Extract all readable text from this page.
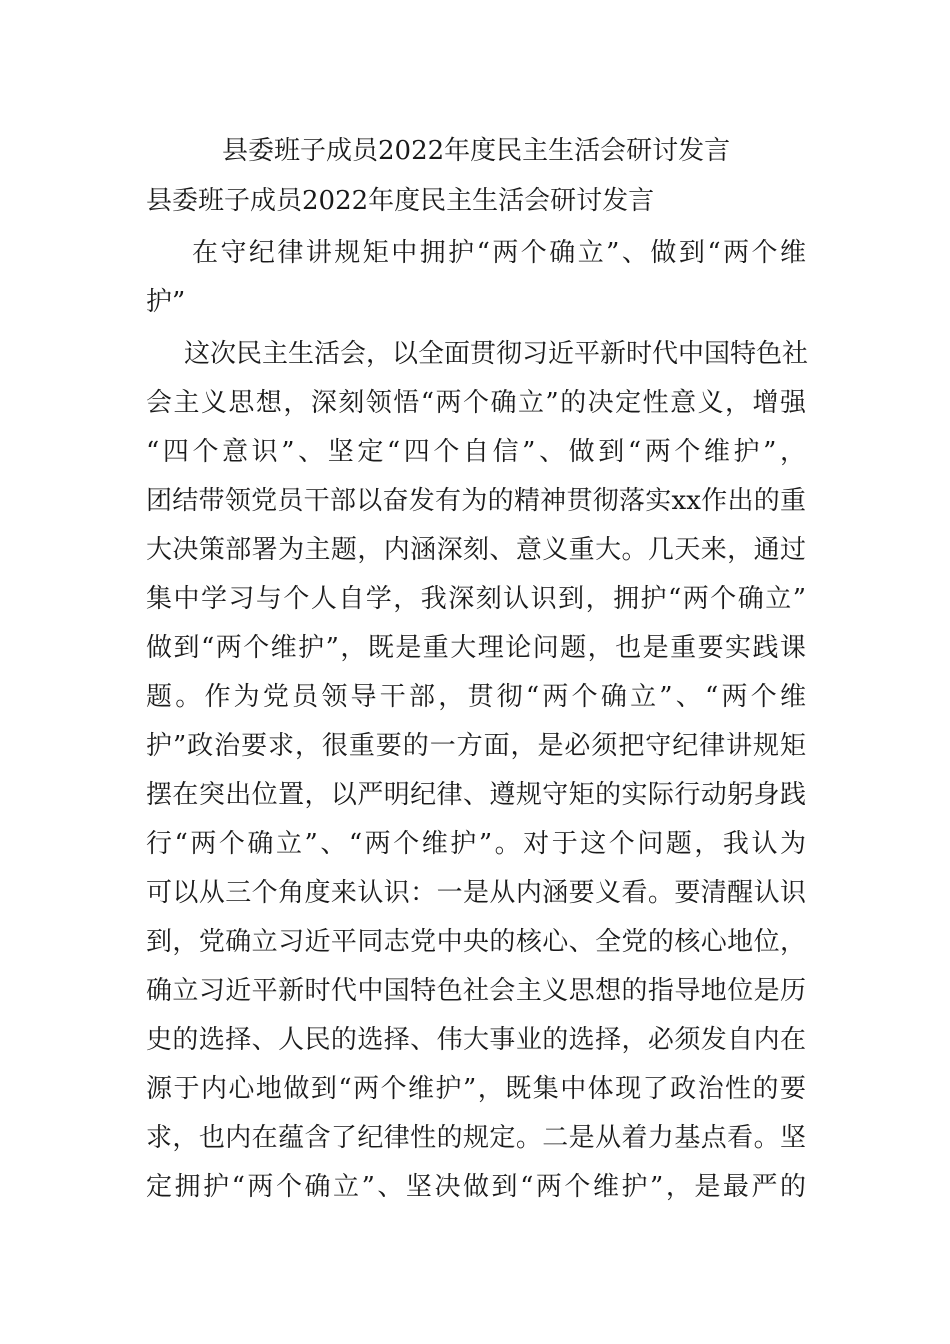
县委班子成员2022年度民主生活会研讨发言
县委班子成员2022年度民主生活会研讨发言

在守纪律讲规矩中拥护“两个确立”、做到“两个维

护”

这次民主生活会，以全面贯彻习近平新时代中国特色社

会主义思想，深刻领悟“两个确立”的决定性意义，增强

“四个意识”、坚定“四个自信”、做到“两个维护”，

团结带领党员干部以奋发有为的精神贯彻落实xx作出的重

大决策部署为主题，内涵深刻、意义重大。几天来，通过

集中学习与个人自学，我深刻认识到，拥护“两个确立”

做到“两个维护”，既是重大理论问题，也是重要实践课

题。作为党员领导干部，贯彻“两个确立”、“两个维

护”政治要求，很重要的一方面，是必须把守纪律讲规矩

摆在突出位置，以严明纪律、遵规守矩的实际行动躬身践

行“两个确立”、“两个维护”。对于这个问题，我认为

可以从三个角度来认识：一是从内涵要义看。要清醒认识

到，党确立习近平同志党中央的核心、全党的核心地位，

确立习近平新时代中国特色社会主义思想的指导地位是历

史的选择、人民的选择、伟大事业的选择，必须发自内在

源于内心地做到“两个维护”，既集中体现了政治性的要

求，也内在蕴含了纪律性的规定。二是从着力基点看。坚

定拥护“两个确立”、坚决做到“两个维护”，是最严的
